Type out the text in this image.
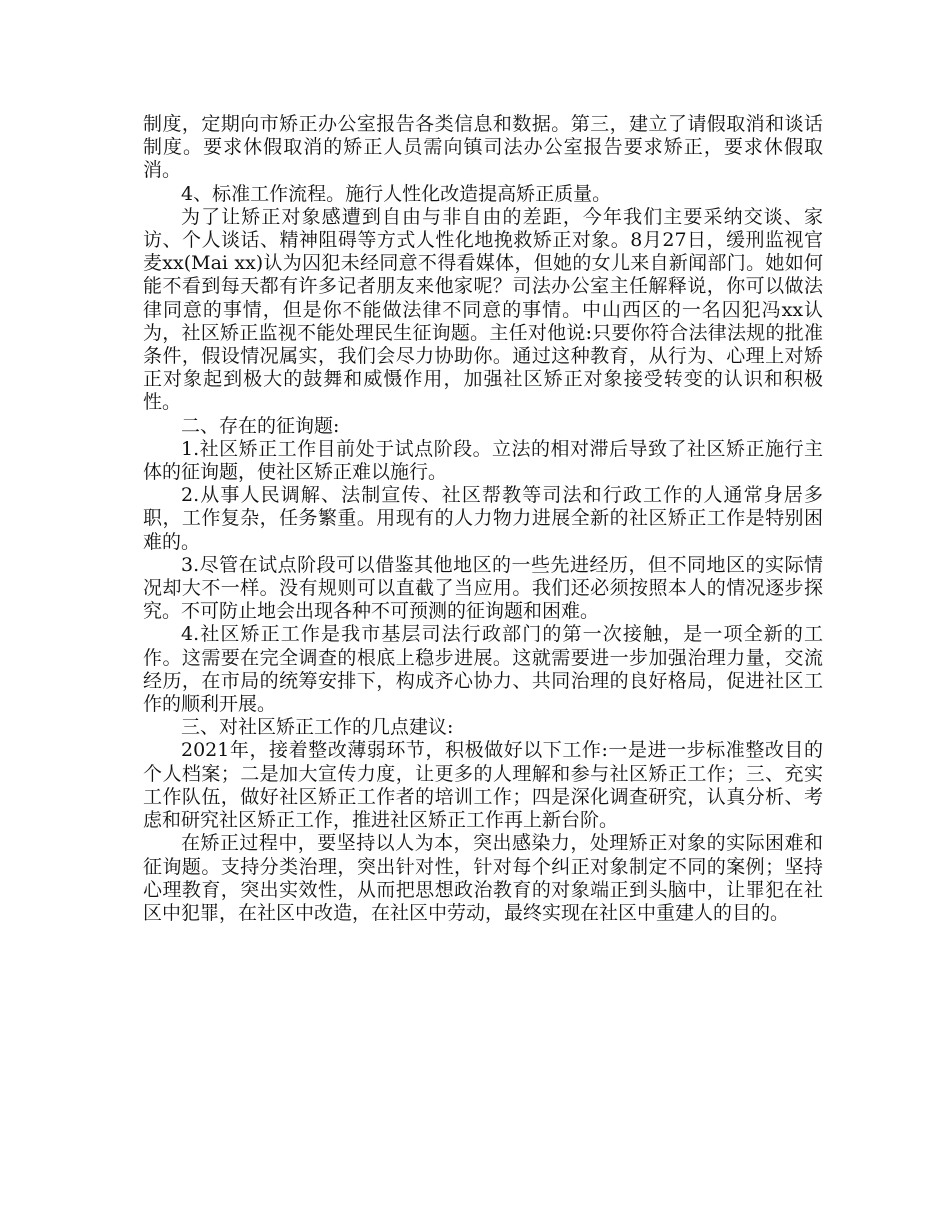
制度，定期向市矫正办公室报告各类信息和数据。第三，建立了请假取消和谈话制度。要求休假取消的矫正人员需向镇司法办公室报告要求矫正，要求休假取消。

4、标准工作流程。施行人性化改造提高矫正质量。

为了让矫正对象感遭到自由与非自由的差距，今年我们主要采纳交谈、家访、个人谈话、精神阻碍等方式人性化地挽救矫正对象。8月27日，缓刑监视官麦xx(Mai xx)认为囚犯未经同意不得看媒体，但她的女儿来自新闻部门。她如何能不看到每天都有许多记者朋友来他家呢？司法办公室主任解释说，你可以做法律同意的事情，但是你不能做法律不同意的事情。中山西区的一名囚犯冯xx认为，社区矫正监视不能处理民生征询题。主任对他说:只要你符合法律法规的批准条件，假设情况属实，我们会尽力协助你。通过这种教育，从行为、心理上对矫正对象起到极大的鼓舞和威慑作用，加强社区矫正对象接受转变的认识和积极性。

二、存在的征询题:

1.社区矫正工作目前处于试点阶段。立法的相对滞后导致了社区矫正施行主体的征询题，使社区矫正难以施行。

2.从事人民调解、法制宣传、社区帮教等司法和行政工作的人通常身居多职，工作复杂，任务繁重。用现有的人力物力进展全新的社区矫正工作是特别困难的。

3.尽管在试点阶段可以借鉴其他地区的一些先进经历，但不同地区的实际情况却大不一样。没有规则可以直截了当应用。我们还必须按照本人的情况逐步探究。不可防止地会出现各种不可预测的征询题和困难。

4.社区矫正工作是我市基层司法行政部门的第一次接触，是一项全新的工作。这需要在完全调查的根底上稳步进展。这就需要进一步加强治理力量，交流经历，在市局的统筹安排下，构成齐心协力、共同治理的良好格局，促进社区工作的顺利开展。

三、对社区矫正工作的几点建议:

2021年，接着整改薄弱环节，积极做好以下工作:一是进一步标准整改目的个人档案；二是加大宣传力度，让更多的人理解和参与社区矫正工作；三、充实工作队伍，做好社区矫正工作者的培训工作；四是深化调查研究，认真分析、考虑和研究社区矫正工作，推进社区矫正工作再上新台阶。

在矫正过程中，要坚持以人为本，突出感染力，处理矫正对象的实际困难和征询题。支持分类治理，突出针对性，针对每个纠正对象制定不同的案例；坚持心理教育，突出实效性，从而把思想政治教育的对象端正到头脑中，让罪犯在社区中犯罪，在社区中改造，在社区中劳动，最终实现在社区中重建人的目的。
